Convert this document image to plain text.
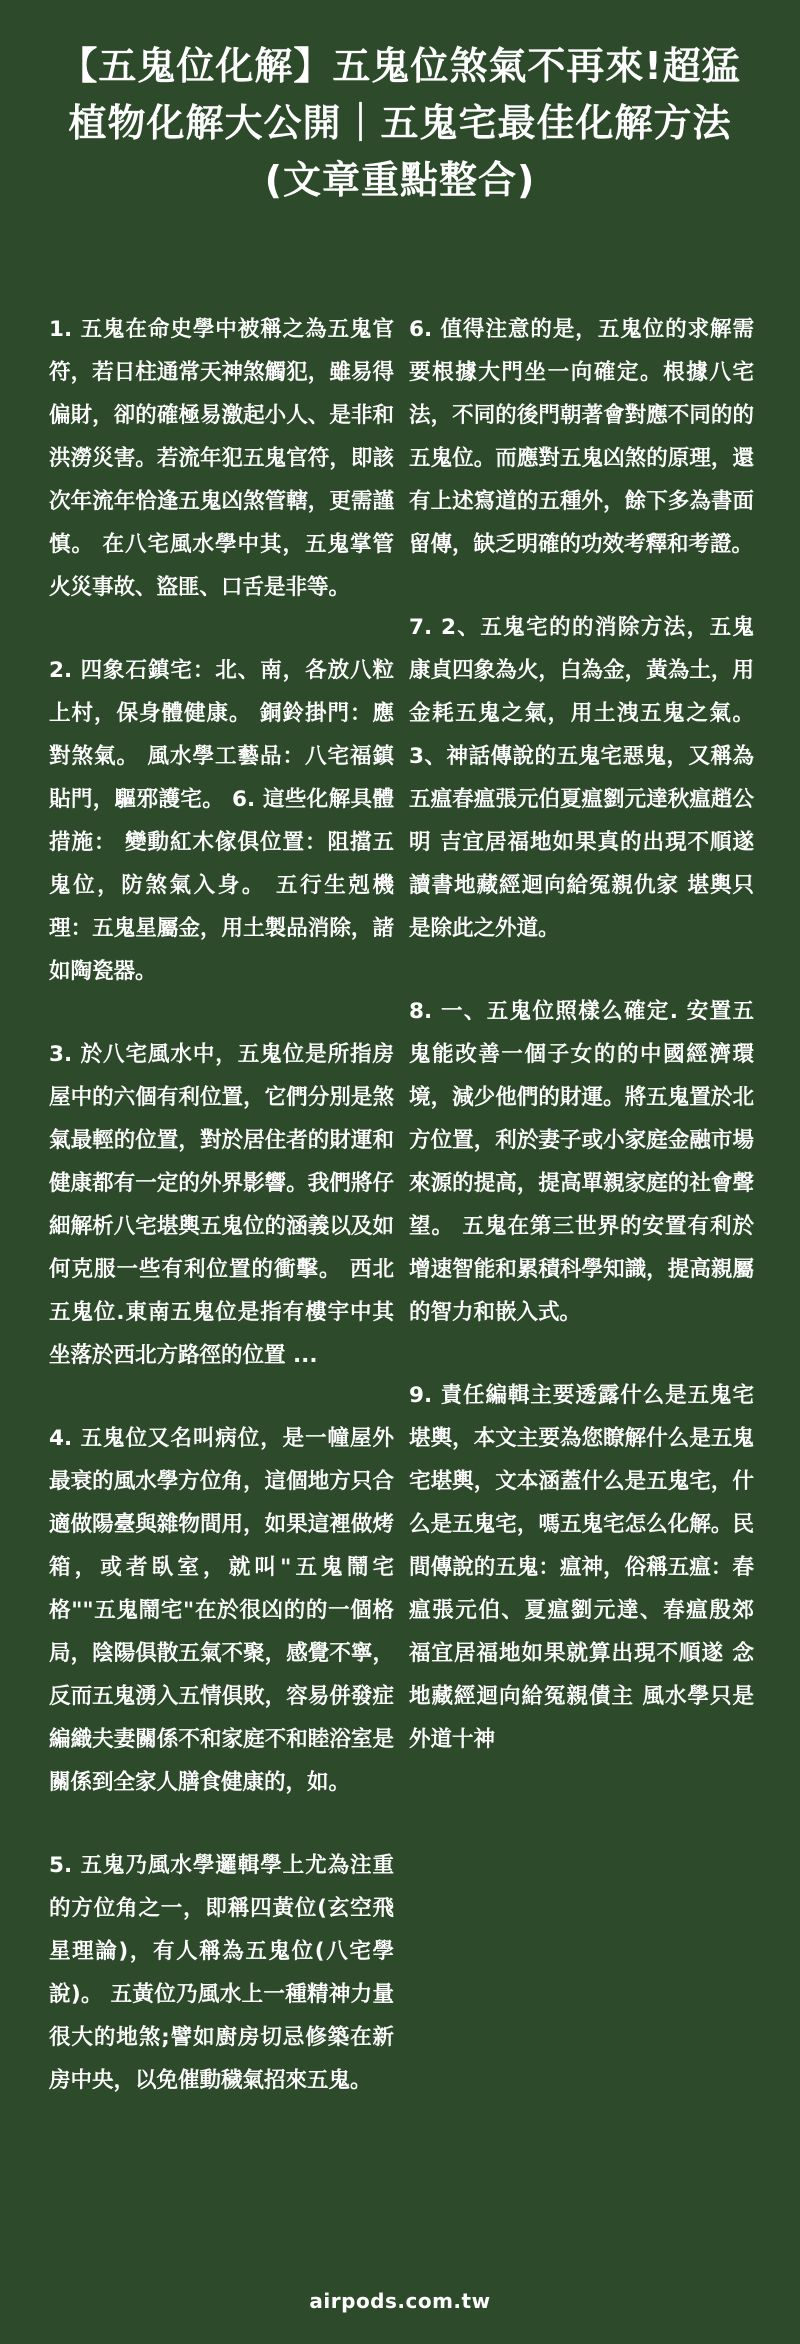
【五鬼位化解】五鬼位煞氣不再來!超猛植物化解大公開｜五鬼宅最佳化解方法(文章重點整合)

1. 五鬼在命史學中被稱之為五鬼官符，若日柱通常天神煞觸犯，雖易得偏財，卻的確極易激起小人、是非和洪澇災害。若流年犯五鬼官符，即該次年流年恰逢五鬼凶煞管轄，更需謹慎。 在八宅風水學中其，五鬼掌管火災事故、盜匪、口舌是非等。

2. 四象石鎮宅：北、南，各放八粒上村，保身體健康。 銅鈴掛門：應對煞氣。 風水學工藝品：八宅福鎮貼門，驅邪護宅。 6. 這些化解具體措施： 變動紅木傢俱位置：阻擋五鬼位，防煞氣入身。 五行生剋機理：五鬼星屬金，用土製品消除，諸如陶瓷器。

3. 於八宅風水中，五鬼位是所指房屋中的六個有利位置，它們分別是煞氣最輕的位置，對於居住者的財運和健康都有一定的外界影響。我們將仔細解析八宅堪輿五鬼位的涵義以及如何克服一些有利位置的衝擊。 西北五鬼位.東南五鬼位是指有樓宇中其坐落於西北方路徑的位置 ...

4. 五鬼位又名叫病位，是一幢屋外最衰的風水學方位角，這個地方只合適做陽臺與雜物間用，如果這裡做烤箱，或者臥室，就叫"五鬼鬧宅格""五鬼鬧宅"在於很凶的的一個格局，陰陽俱散五氣不聚，感覺不寧，反而五鬼湧入五情俱敗，容易併發症編織夫妻關係不和家庭不和睦浴室是關係到全家人膳食健康的，如。

5. 五鬼乃風水學邏輯學上尤為注重的方位角之一，即稱四黃位(玄空飛星理論)，有人稱為五鬼位(八宅學說)。 五黃位乃風水上一種精神力量很大的地煞;譬如廚房切忌修築在新房中央，以免催動穢氣招來五鬼。

6. 值得注意的是，五鬼位的求解需要根據大門坐一向確定。根據八宅法，不同的後門朝著會對應不同的的五鬼位。而應對五鬼凶煞的原理，還有上述寫道的五種外，餘下多為書面留傳，缺乏明確的功效考釋和考證。

7. 2、五鬼宅的的消除方法，五鬼康貞四象為火，白為金，黃為土，用金耗五鬼之氣，用土洩五鬼之氣。 3、神話傳說的五鬼宅惡鬼，又稱為五瘟春瘟張元伯夏瘟劉元達秋瘟趙公明 吉宜居福地如果真的出現不順遂 讀書地藏經迴向給冤親仇家 堪輿只是除此之外道。

8. 一、五鬼位照樣么確定. 安置五鬼能改善一個子女的的中國經濟環境，減少他們的財運。將五鬼置於北方位置，利於妻子或小家庭金融市場來源的提高，提高單親家庭的社會聲望。 五鬼在第三世界的安置有利於增速智能和累積科學知識，提高親屬的智力和嵌入式。

9. 責任編輯主要透露什么是五鬼宅堪輿，本文主要為您瞭解什么是五鬼宅堪輿，文本涵蓋什么是五鬼宅，什么是五鬼宅，嗎五鬼宅怎么化解。民間傳說的五鬼：瘟神，俗稱五瘟：春瘟張元伯、夏瘟劉元達、春瘟殷郊 福宜居福地如果就算出現不順遂 念地藏經迴向給冤親債主 風水學只是外道十神

airpods.com.tw
